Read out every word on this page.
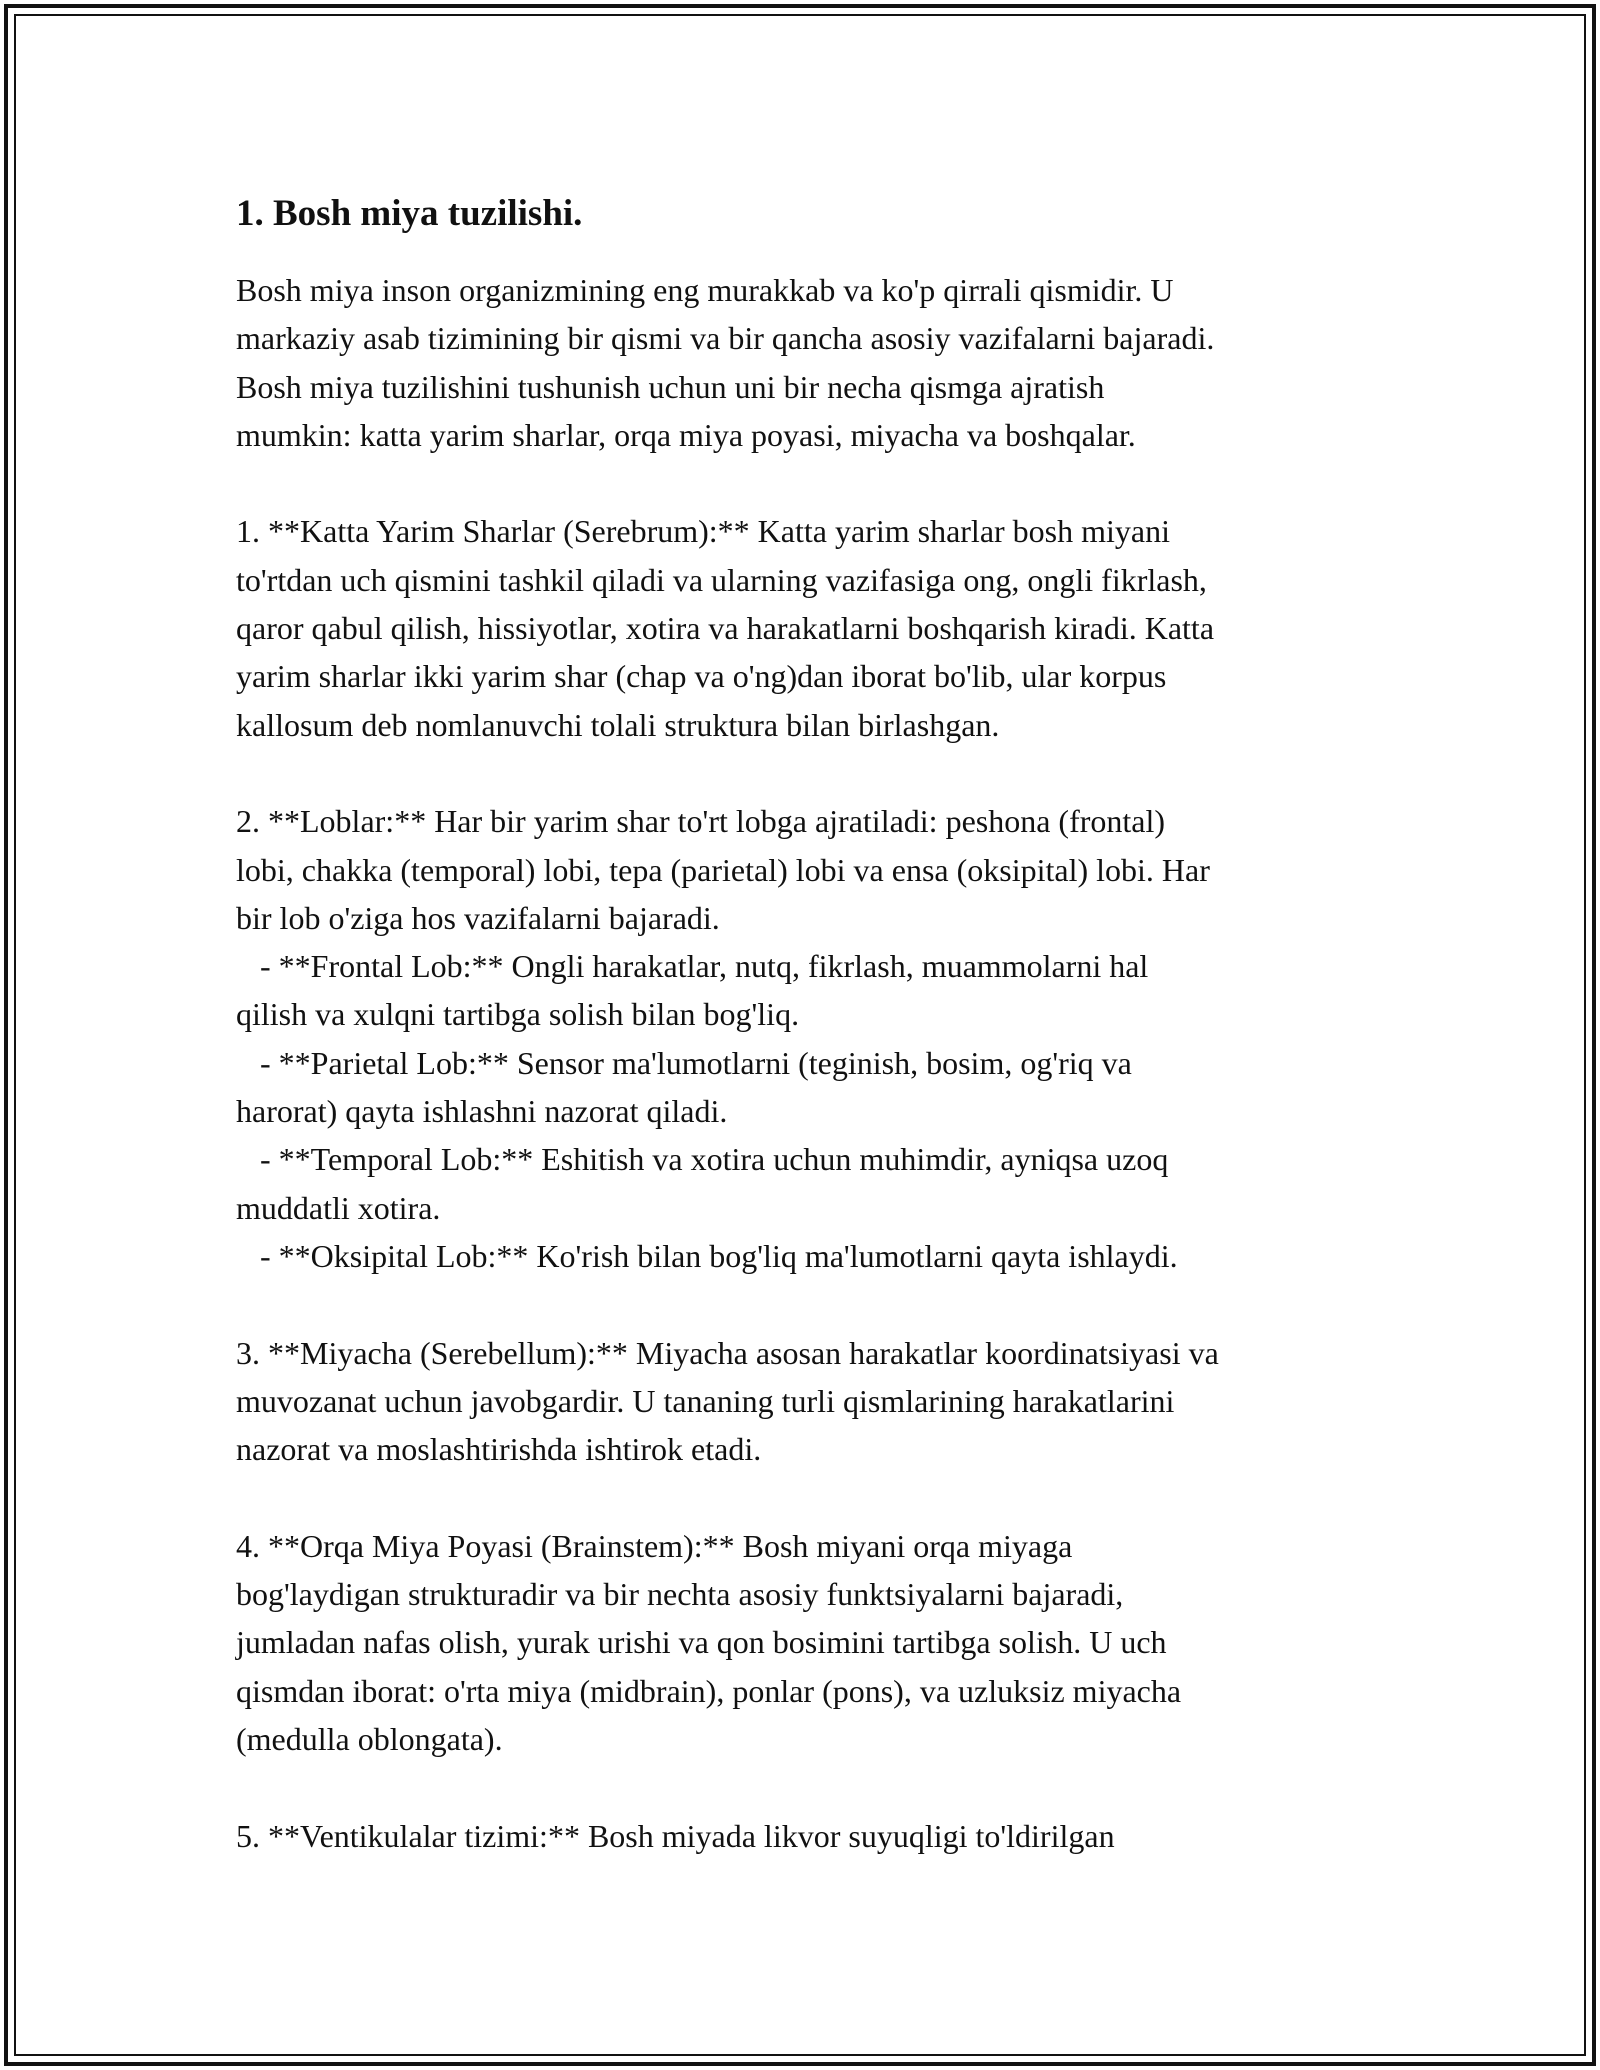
1. Bosh miya tuzilishi.
Bosh miya inson organizmining eng murakkab va ko'p qirrali qismidir. U
markaziy asab tizimining bir qismi va bir qancha asosiy vazifalarni bajaradi.
Bosh miya tuzilishini tushunish uchun uni bir necha qismga ajratish
mumkin: katta yarim sharlar, orqa miya poyasi, miyacha va boshqalar.
1. **Katta Yarim Sharlar (Serebrum):** Katta yarim sharlar bosh miyani
to'rtdan uch qismini tashkil qiladi va ularning vazifasiga ong, ongli fikrlash,
qaror qabul qilish, hissiyotlar, xotira va harakatlarni boshqarish kiradi. Katta
yarim sharlar ikki yarim shar (chap va o'ng)dan iborat bo'lib, ular korpus
kallosum deb nomlanuvchi tolali struktura bilan birlashgan.
2. **Loblar:** Har bir yarim shar to'rt lobga ajratiladi: peshona (frontal)
lobi, chakka (temporal) lobi, tepa (parietal) lobi va ensa (oksipital) lobi. Har
bir lob o'ziga hos vazifalarni bajaradi.
- **Frontal Lob:** Ongli harakatlar, nutq, fikrlash, muammolarni hal
qilish va xulqni tartibga solish bilan bog'liq.
- **Parietal Lob:** Sensor ma'lumotlarni (teginish, bosim, og'riq va
harorat) qayta ishlashni nazorat qiladi.
- **Temporal Lob:** Eshitish va xotira uchun muhimdir, ayniqsa uzoq
muddatli xotira.
- **Oksipital Lob:** Ko'rish bilan bog'liq ma'lumotlarni qayta ishlaydi.
3. **Miyacha (Serebellum):** Miyacha asosan harakatlar koordinatsiyasi va
muvozanat uchun javobgardir. U tananing turli qismlarining harakatlarini
nazorat va moslashtirishda ishtirok etadi.
4. **Orqa Miya Poyasi (Brainstem):** Bosh miyani orqa miyaga
bog'laydigan strukturadir va bir nechta asosiy funktsiyalarni bajaradi,
jumladan nafas olish, yurak urishi va qon bosimini tartibga solish. U uch
qismdan iborat: o'rta miya (midbrain), ponlar (pons), va uzluksiz miyacha
(medulla oblongata).
5. **Ventikulalar tizimi:** Bosh miyada likvor suyuqligi to'ldirilgan
